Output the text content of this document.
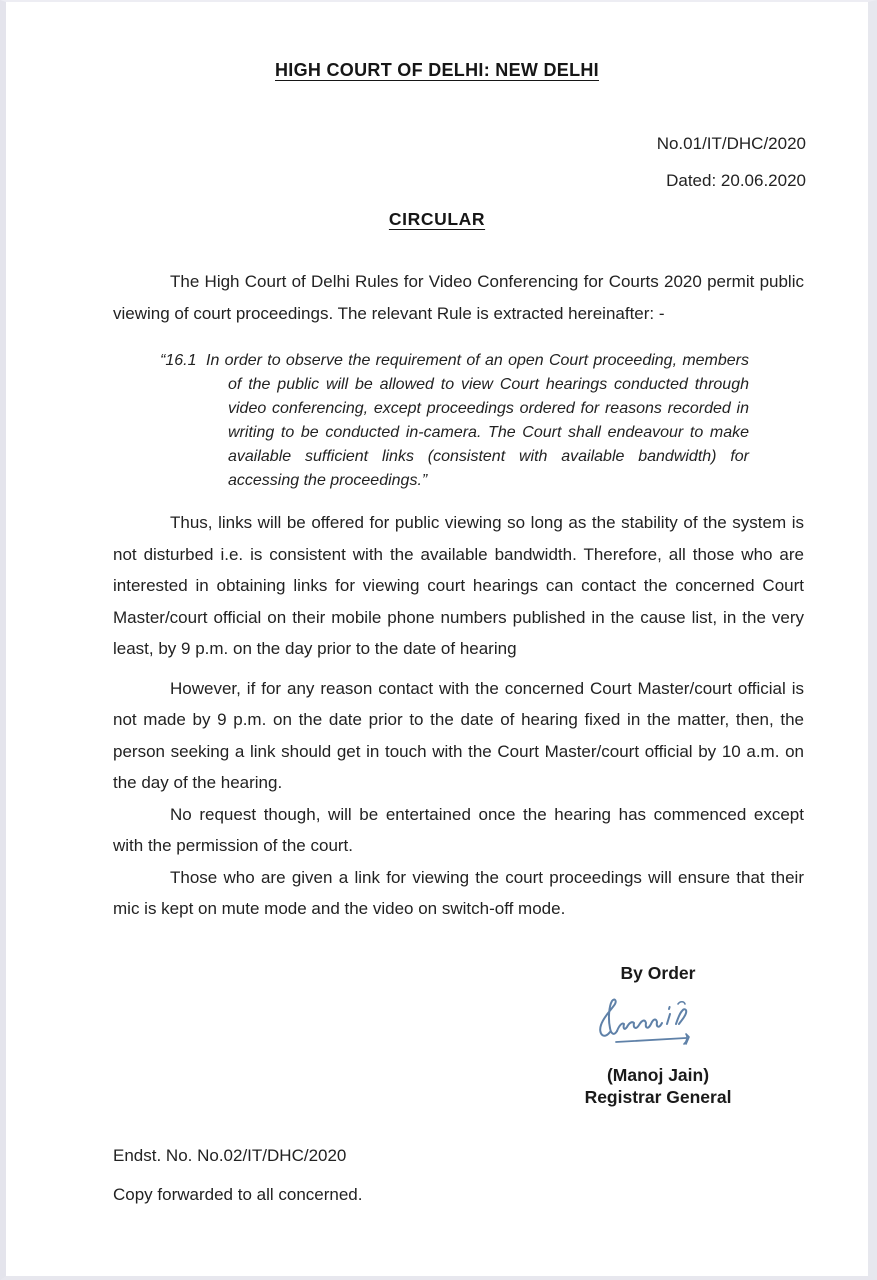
HIGH COURT OF DELHI: NEW DELHI
No.01/IT/DHC/2020
Dated: 20.06.2020
CIRCULAR

The High Court of Delhi Rules for Video Conferencing for Courts 2020 permit public viewing of court proceedings. The relevant Rule is extracted hereinafter: -

“16.1 In order to observe the requirement of an open Court proceeding, members of the public will be allowed to view Court hearings conducted through video conferencing, except proceedings ordered for reasons recorded in writing to be conducted in-camera. The Court shall endeavour to make available sufficient links (consistent with available bandwidth) for accessing the proceedings.”

Thus, links will be offered for public viewing so long as the stability of the system is not disturbed i.e. is consistent with the available bandwidth. Therefore, all those who are interested in obtaining links for viewing court hearings can contact the concerned Court Master/court official on their mobile phone numbers published in the cause list, in the very least, by 9 p.m. on the day prior to the date of hearing

However, if for any reason contact with the concerned Court Master/court official is not made by 9 p.m. on the date prior to the date of hearing fixed in the matter, then, the person seeking a link should get in touch with the Court Master/court official by 10 a.m. on the day of the hearing.

No request though, will be entertained once the hearing has commenced except with the permission of the court.

Those who are given a link for viewing the court proceedings will ensure that their mic is kept on mute mode and the video on switch-off mode.

By Order
(Manoj Jain)
Registrar General
Endst. No. No.02/IT/DHC/2020
Copy forwarded to all concerned.
